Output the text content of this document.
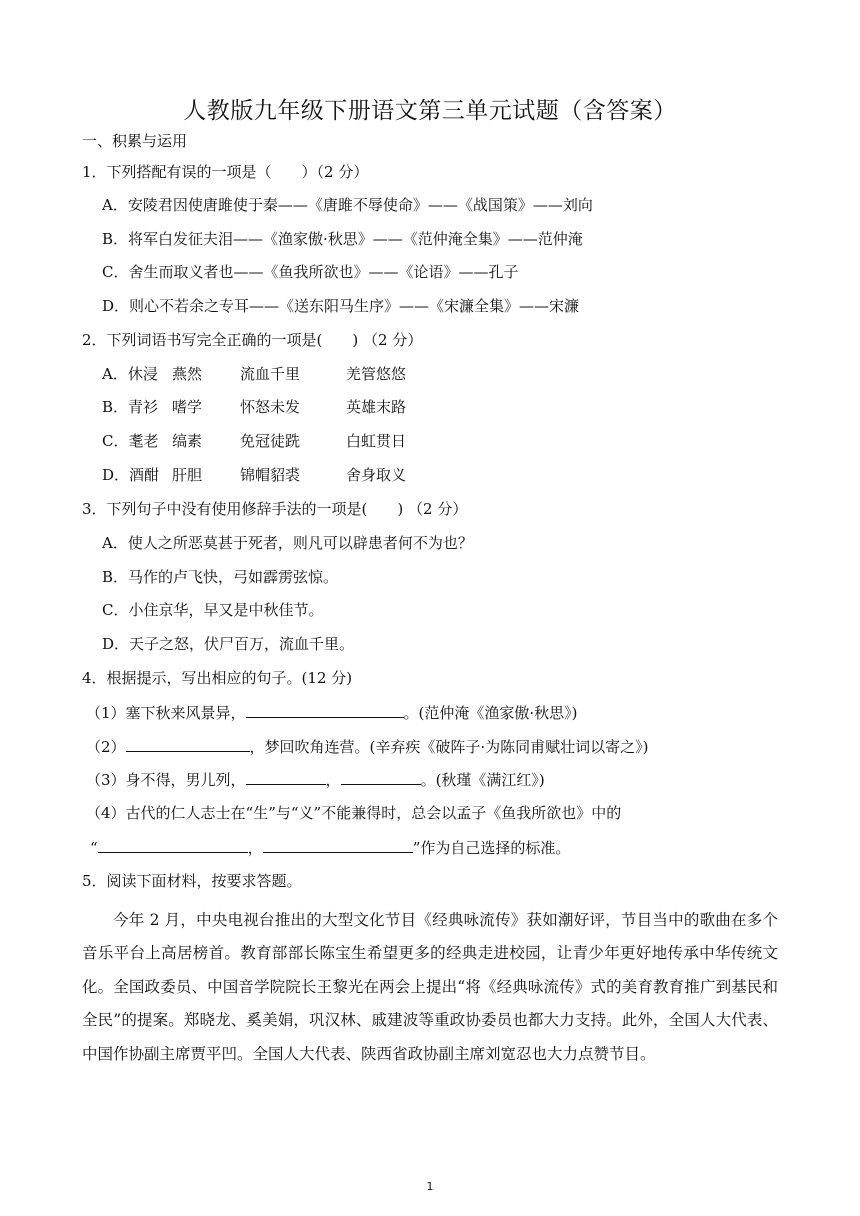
人教版九年级下册语文第三单元试题（含答案）
一、积累与运用
1．下列搭配有误的一项是（　　）（2 分）
A．安陵君因使唐雎使于秦——《唐雎不辱使命》——《战国策》——刘向
B．将军白发征夫泪——《渔家傲·秋思》——《范仲淹全集》——范仲淹
C．舍生而取义者也——《鱼我所欲也》——《论语》——孔子
D．则心不若余之专耳——《送东阳马生序》——《宋濂全集》——宋濂
2．下列词语书写完全正确的一项是(　　) （2 分）
A．休浸 燕然	流血千里	羌管悠悠
B．青衫 嗜学	怀怒未发	英雄末路
C．耄老 缟素	免冠徒跣	白虹贯日
D．酒酣 肝胆	锦帽貂裘	舍身取义
3．下列句子中没有使用修辞手法的一项是(　　) （2 分）
A．使人之所恶莫甚于死者，则凡可以辟患者何不为也？
B．马作的卢飞快，弓如霹雳弦惊。
C．小住京华，早又是中秋佳节。
D．天子之怒，伏尸百万，流血千里。
4．根据提示，写出相应的句子。(12 分)
（1）塞下秋来风景异，	。(范仲淹《渔家傲·秋思》)
（2）	，梦回吹角连营。(辛弃疾《破阵子·为陈同甫赋壮词以寄之》)
（3）身不得，男儿列，	，	。(秋瑾《满江红》)
（4）古代的仁人志士在“生”与“义”不能兼得时，总会以孟子《鱼我所欲也》中的
“	，	”作为自己选择的标准。
5．阅读下面材料，按要求答题。
今年 2 月，中央电视台推出的大型文化节目《经典咏流传》获如潮好评，节目当中的歌曲在多个音乐平台上高居榜首。教育部部长陈宝生希望更多的经典走进校园，让青少年更好地传承中华传统文化。全国政委员、中国音学院院长王黎光在两会上提出“将《经典咏流传》式的美育教育推广到基民和全民”的提案。郑晓龙、奚美娟，巩汉林、戚建波等重政协委员也都大力支持。此外，全国人大代表、中国作协副主席贾平凹。全国人大代表、陕西省政协副主席刘宽忍也大力点赞节目。
1
